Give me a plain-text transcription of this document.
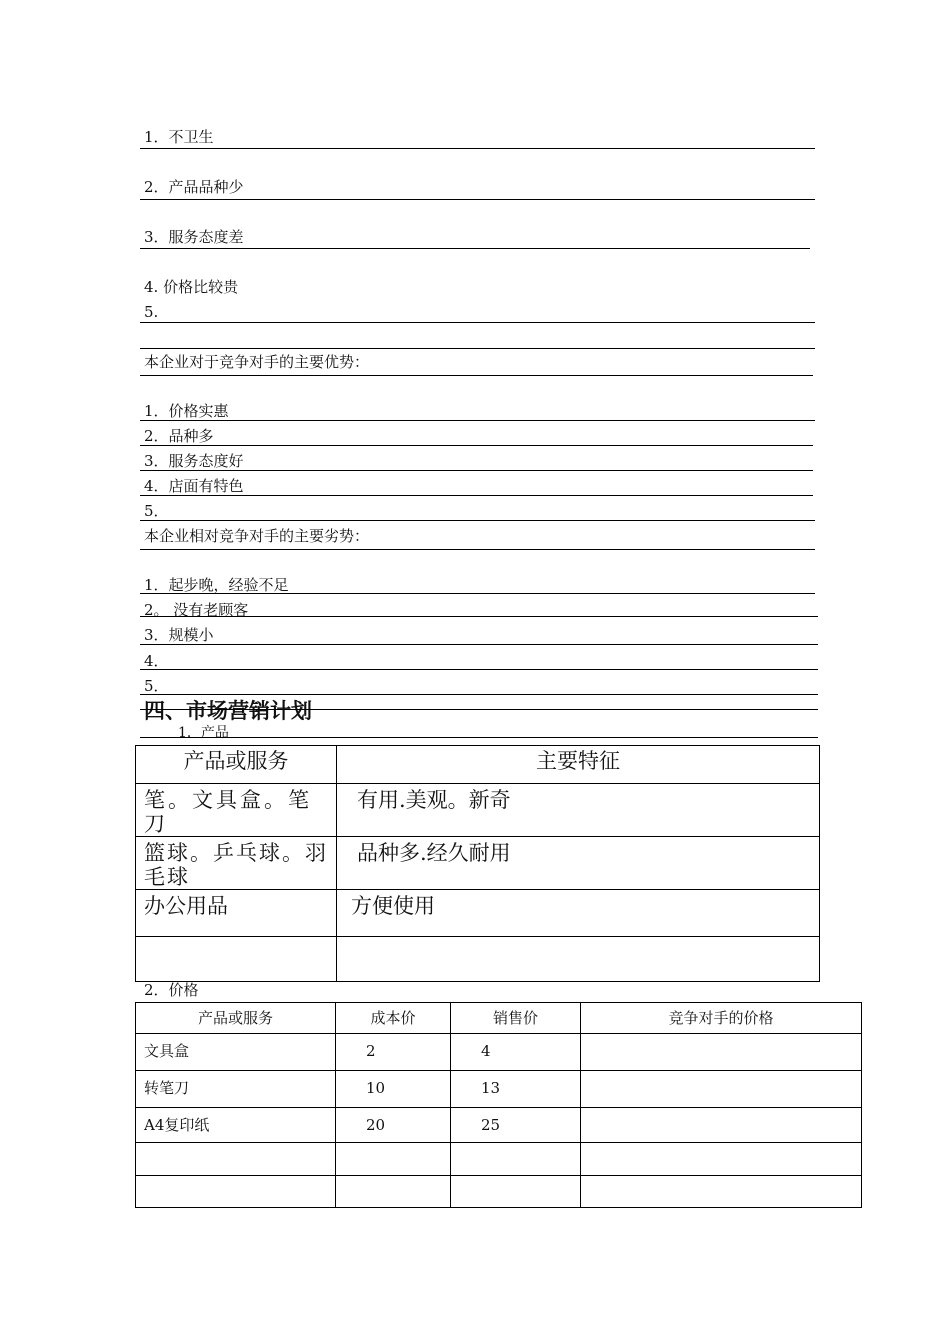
1．不卫生
2．产品品种少
3．服务态度差
4. 价格比较贵
5.
本企业对于竞争对手的主要优势：
1．价格实惠
2．品种多
3．服务态度好
4．店面有特色
5．
本企业相对竞争对手的主要劣势：
1．起步晚，经验不足
2。 没有老顾客
3．规模小
4．
5．
四、市场营销计划
1．产品
产品或服务	主要特征
笔。文具盒。笔刀	有用.美观。新奇
篮球。乒乓球。羽毛球	品种多.经久耐用
办公用品	方便使用

2．价格
产品或服务	成本价	销售价	竞争对手的价格
文具盒	2	4	
转笔刀	10	13	
A4复印纸	20	25	
